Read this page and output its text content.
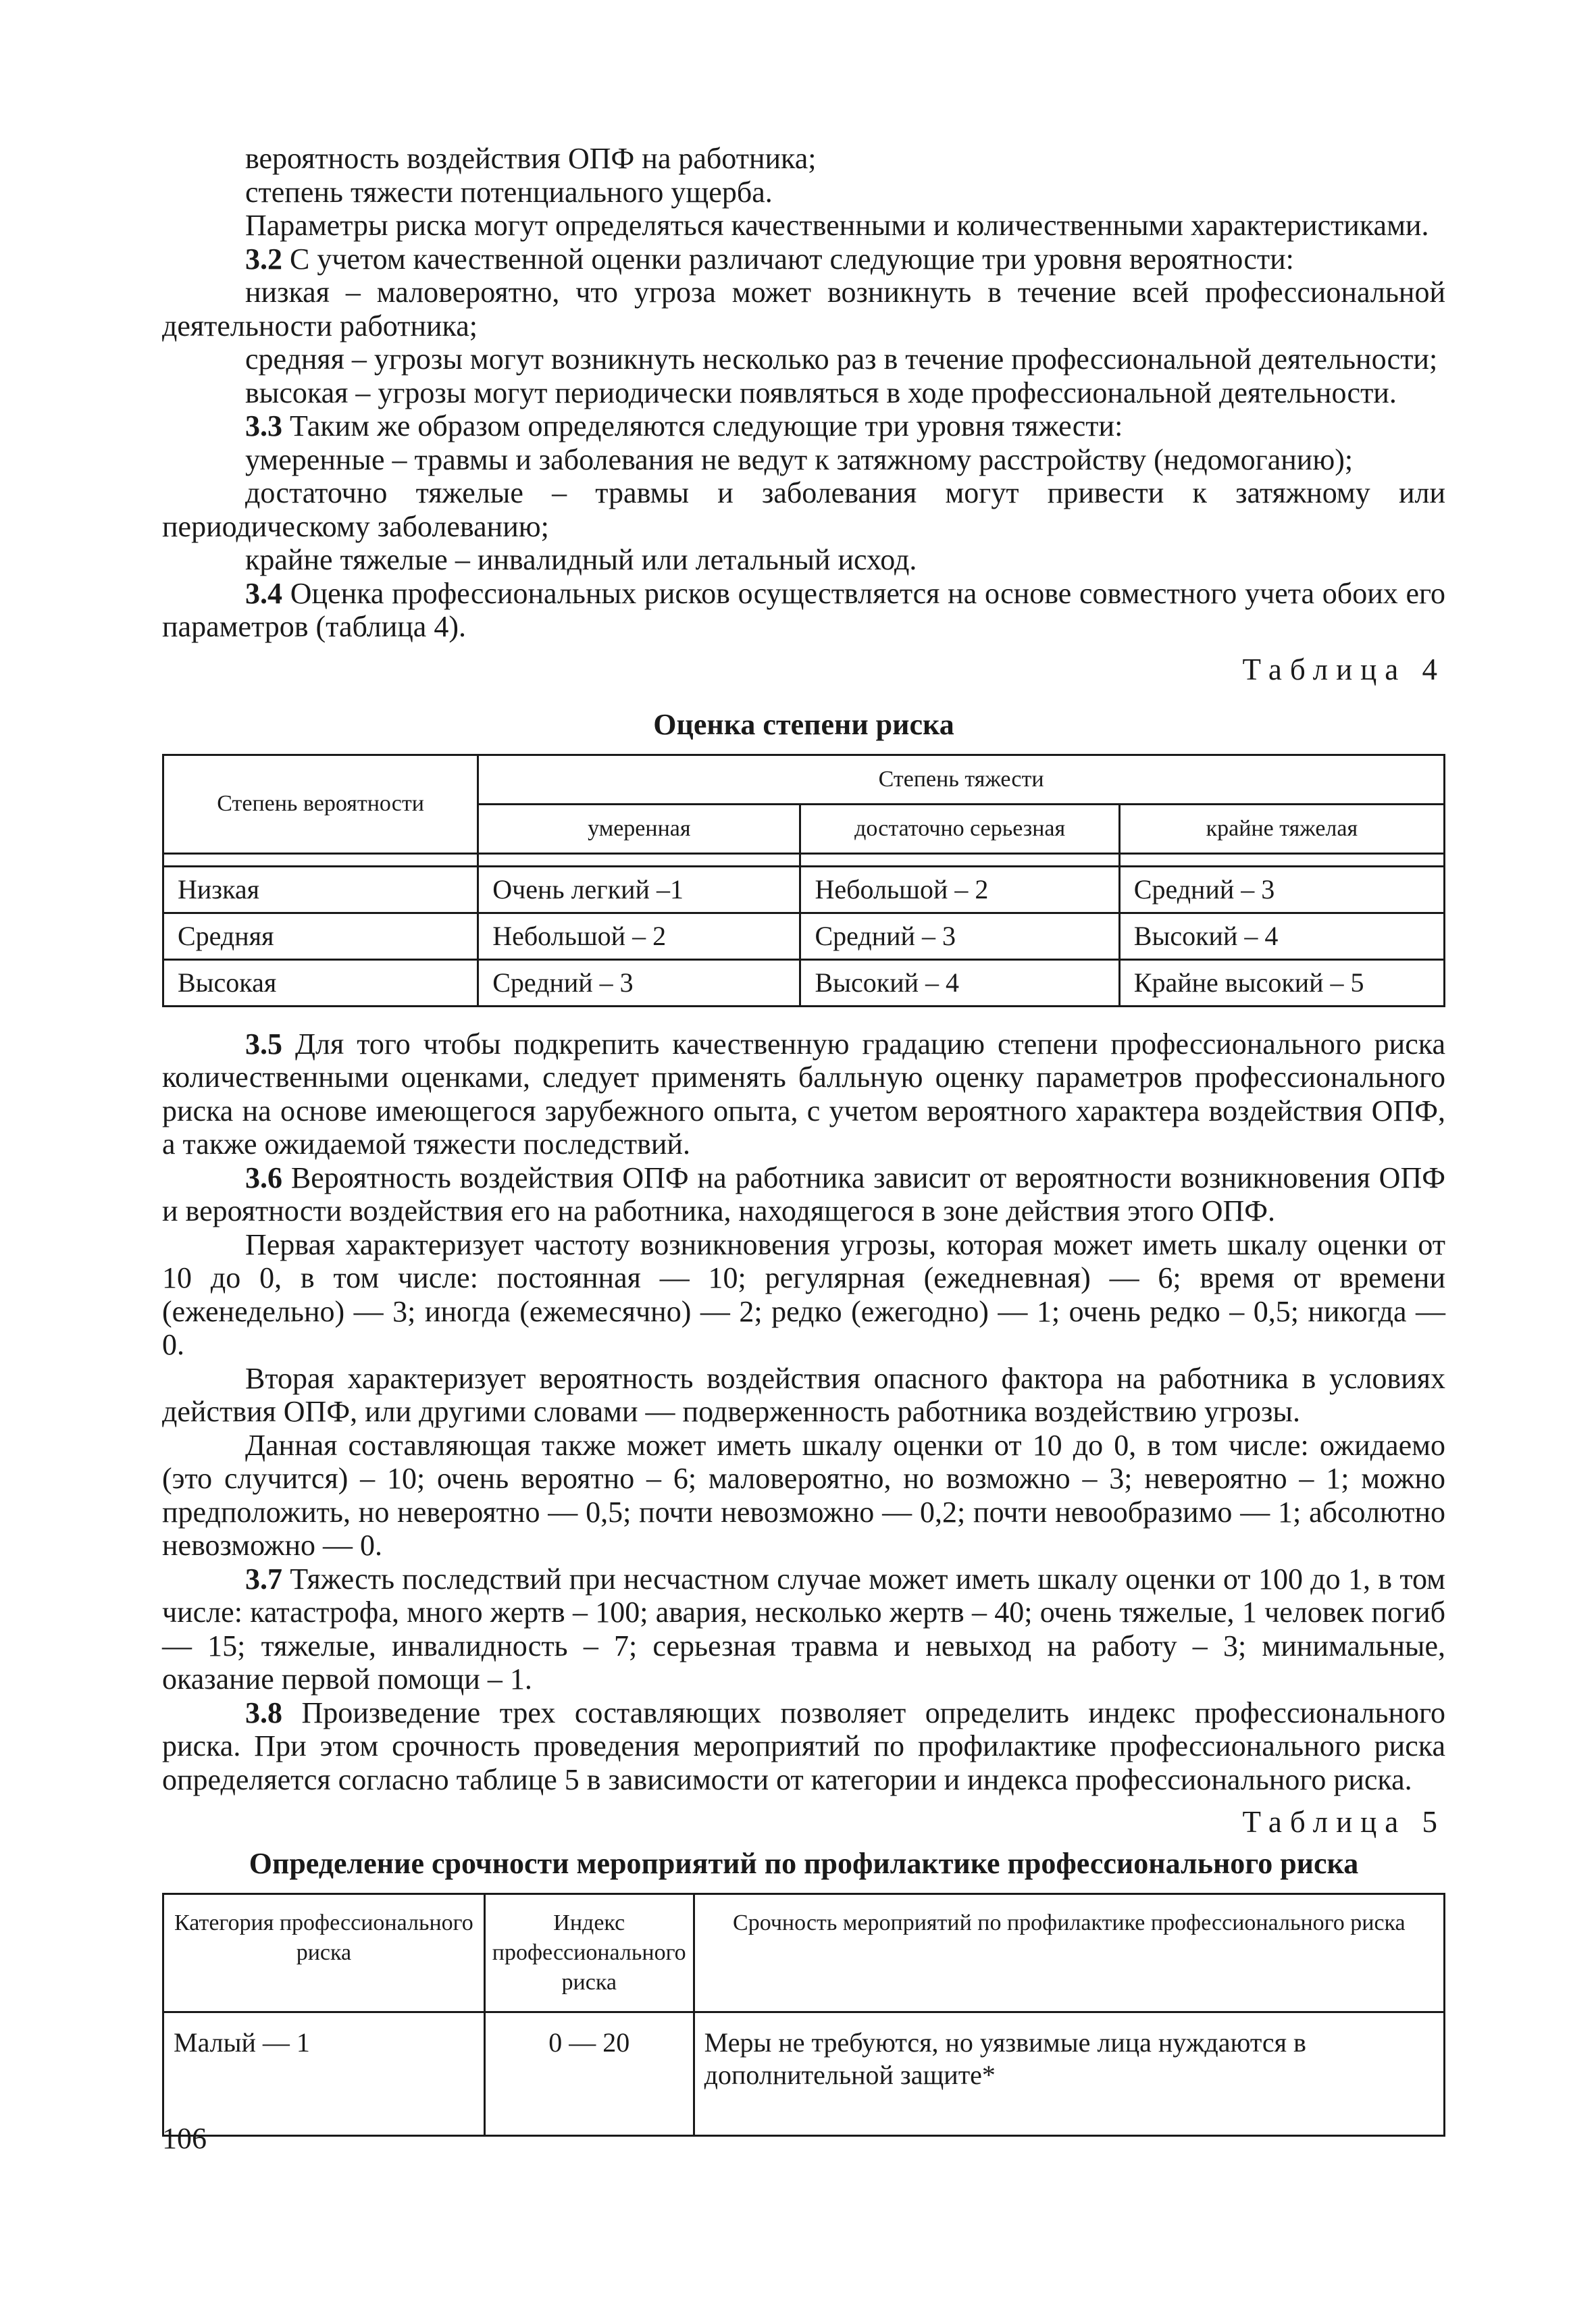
вероятность воздействия ОПФ на работника;

степень тяжести потенциального ущерба.

Параметры риска могут определяться качественными и количественными характеристиками.

3.2 С учетом качественной оценки различают следующие три уровня вероятности:

низкая – маловероятно, что угроза может возникнуть в течение всей профессиональной деятельности работника;

средняя – угрозы могут возникнуть несколько раз в течение профессиональной деятельности;

высокая – угрозы могут периодически появляться в ходе профессиональной деятельности.

3.3 Таким же образом определяются следующие три уровня тяжести:

умеренные – травмы и заболевания не ведут к затяжному расстройству (недомоганию);

достаточно тяжелые – травмы и заболевания могут привести к затяжному или периодическому заболеванию;

крайне тяжелые – инвалидный или летальный исход.

3.4 Оценка профессиональных рисков осуществляется на основе совместного учета обоих его параметров (таблица 4).

Таблица 4
Оценка степени риска
Степень вероятности	Степень тяжести		
	умеренная	достаточно серьезная	крайне тяжелая

Низкая	Очень легкий –1	Небольшой – 2	Средний – 3
Средняя	Небольшой – 2	Средний – 3	Высокий – 4
Высокая	Средний – 3	Высокий – 4	Крайне высокий – 5

3.5 Для того чтобы подкрепить качественную градацию степени профессионального риска количественными оценками, следует применять балльную оценку параметров профессионального риска на основе имеющегося зарубежного опыта, с учетом вероятного характера воздействия ОПФ, а также ожидаемой тяжести последствий.

3.6 Вероятность воздействия ОПФ на работника зависит от вероятности возникновения ОПФ и вероятности воздействия его на работника, находящегося в зоне действия этого ОПФ.

Первая характеризует частоту возникновения угрозы, которая может иметь шкалу оценки от 10 до 0, в том числе: постоянная — 10; регулярная (ежедневная) — 6; время от времени (еженедельно) — 3; иногда (ежемесячно) — 2; редко (ежегодно) — 1; очень редко – 0,5; никогда — 0.

Вторая характеризует вероятность воздействия опасного фактора на работника в условиях действия ОПФ, или другими словами — подверженность работника воздействию угрозы.

Данная составляющая также может иметь шкалу оценки от 10 до 0, в том числе: ожидаемо (это случится) – 10; очень вероятно – 6; маловероятно, но возможно – 3; невероятно – 1; можно предположить, но невероятно — 0,5; почти невозможно — 0,2; почти невообразимо — 1; абсолютно невозможно — 0.

3.7 Тяжесть последствий при несчастном случае может иметь шкалу оценки от 100 до 1, в том числе: катастрофа, много жертв – 100; авария, несколько жертв – 40; очень тяжелые, 1 человек погиб — 15; тяжелые, инвалидность – 7; серьезная травма и невыход на работу – 3; минимальные, оказание первой помощи – 1.

3.8 Произведение трех составляющих позволяет определить индекс профессионального риска. При этом срочность проведения мероприятий по профилактике профессионального риска определяется согласно таблице 5 в зависимости от категории и индекса профессионального риска.

Таблица 5
Определение срочности мероприятий по профилактике профессионального риска
Категория профессионального риска	Индекс профессионального риска	Срочность мероприятий по профилактике профессионального риска
Малый — 1	0 — 20	Меры не требуются, но уязвимые лица нуждаются в дополнительной защите*
106
